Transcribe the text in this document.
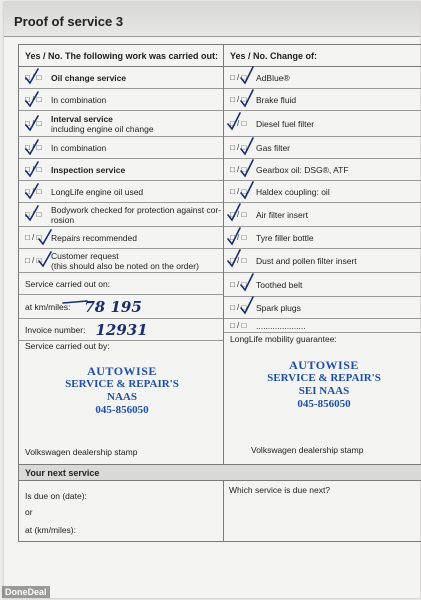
Proof of service 3
Yes / No. The following work was carried out:	Yes / No. Change of:
□ / □	Oil change service
□ / □	In combination
□ / □	Interval service
including engine oil change
□ / □	In combination
□ / □	Inspection service
□ / □	LongLife engine oil used
□ / □	Bodywork checked for protection against cor-
rosion
□ / □	Repairs recommended
□ / □	Customer request
(this should also be noted on the order)
Service carried out on:
at km/miles: 78 195
Invoice number: 12931
Service carried out by:
□ / □	AdBlue®
□ / □	Brake fluid
□ / □	Diesel fuel filter
□ / □	Gas filter
□ / □	Gearbox oil: DSG®, ATF
□ / □	Haldex coupling: oil
□ / □	Air filter insert
□ / □	Tyre filler bottle
□ / □	Dust and pollen filter insert
□ / □	Toothed belt
□ / □	Spark plugs
□ / □	.....................
LongLife mobility guarantee:
AUTOWISE
SERVICE & REPAIR'S
NAAS
045-856050
AUTOWISE
SERVICE & REPAIR'S
SEI NAAS
045-856050
Volkswagen dealership stamp	Volkswagen dealership stamp
Your next service
Is due on (date):
or
at (km/miles):
Which service is due next?
DoneDeal
